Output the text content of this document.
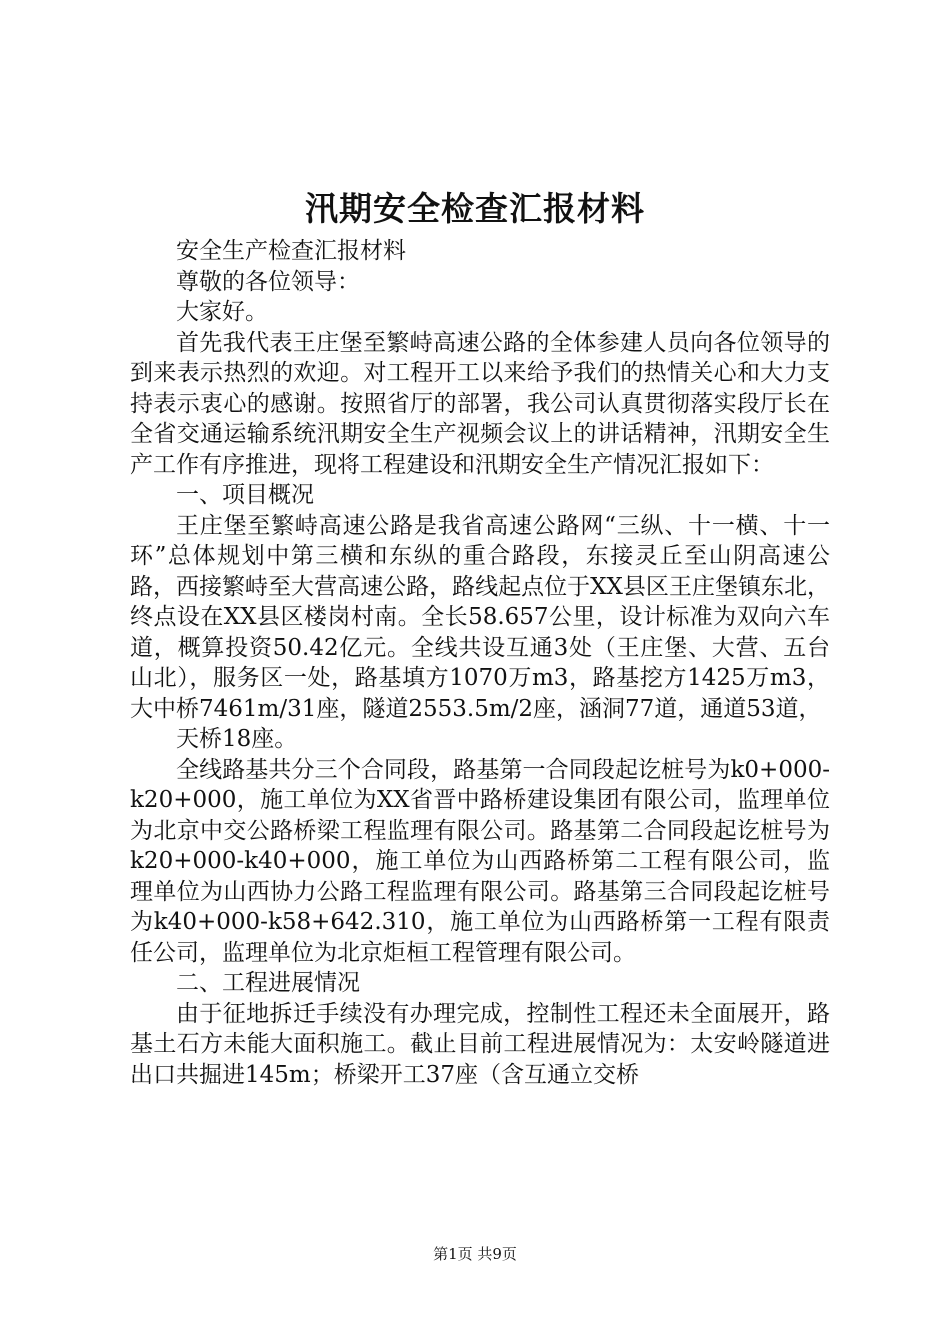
汛期安全检查汇报材料

安全生产检查汇报材料

尊敬的各位领导：

大家好。

首先我代表王庄堡至繁峙高速公路的全体参建人员向各位领导的到来表示热烈的欢迎。对工程开工以来给予我们的热情关心和大力支持表示衷心的感谢。按照省厅的部署，我公司认真贯彻落实段厅长在全省交通运输系统汛期安全生产视频会议上的讲话精神，汛期安全生产工作有序推进，现将工程建设和汛期安全生产情况汇报如下：

一、项目概况

王庄堡至繁峙高速公路是我省高速公路网“三纵、十一横、十一环”总体规划中第三横和东纵的重合路段，东接灵丘至山阴高速公路，西接繁峙至大营高速公路，路线起点位于XX县区王庄堡镇东北，终点设在XX县区楼岗村南。全长58.657公里，设计标准为双向六车道，概算投资50.42亿元。全线共设互通3处（王庄堡、大营、五台山北），服务区一处，路基填方1070万m3，路基挖方1425万m3，大中桥7461m/31座，隧道2553.5m/2座，涵洞77道，通道53道，

天桥18座。

全线路基共分三个合同段，路基第一合同段起讫桩号为k0+000-k20+000，施工单位为XX省晋中路桥建设集团有限公司，监理单位为北京中交公路桥梁工程监理有限公司。路基第二合同段起讫桩号为k20+000-k40+000，施工单位为山西路桥第二工程有限公司，监理单位为山西协力公路工程监理有限公司。路基第三合同段起讫桩号为k40+000-k58+642.310，施工单位为山西路桥第一工程有限责任公司，监理单位为北京炬桓工程管理有限公司。

二、工程进展情况

由于征地拆迁手续没有办理完成，控制性工程还未全面展开，路基土石方未能大面积施工。截止目前工程进展情况为：太安岭隧道进出口共掘进145m；桥梁开工37座（含互通立交桥

第1页 共9页
